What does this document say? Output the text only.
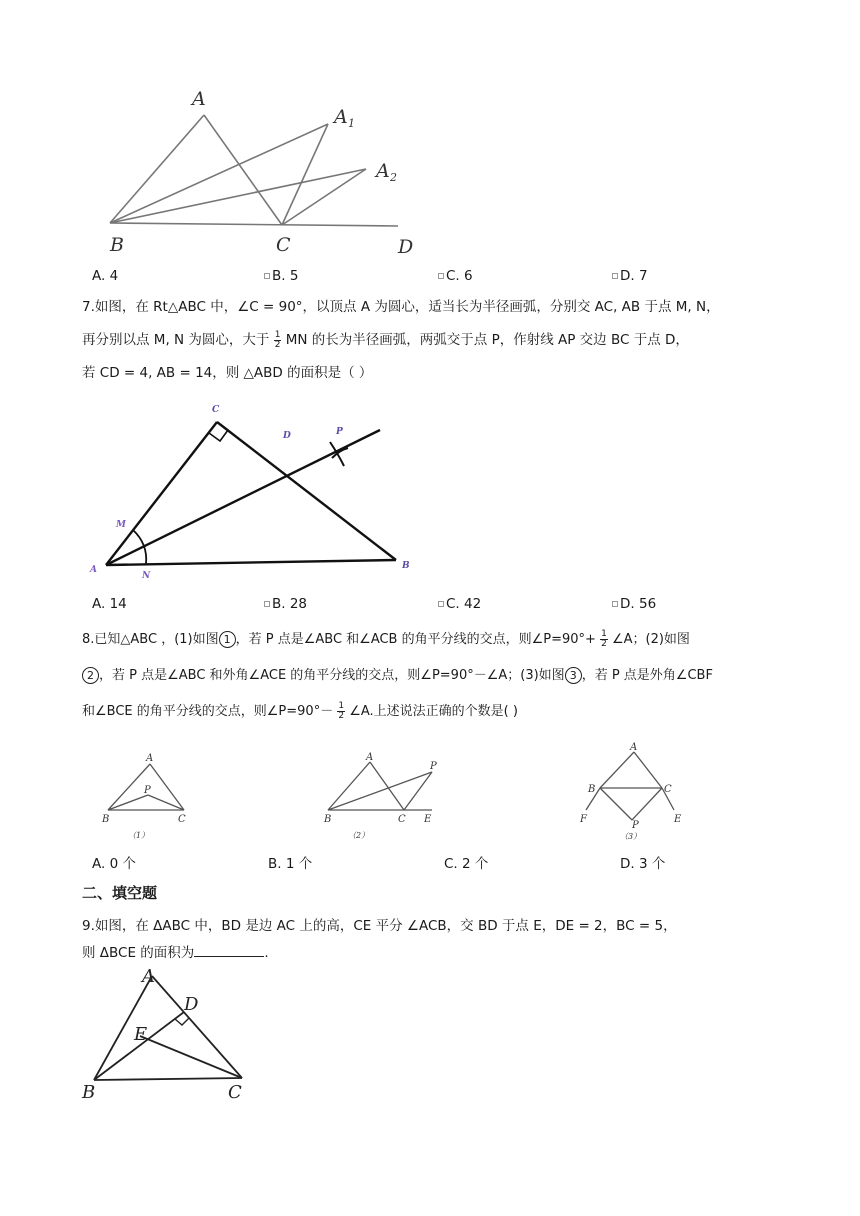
A
A 1
A 2
B	C	D
A. 4	B. 5	C. 6	D. 7
7.如图，在 Rt△ABC 中，∠C = 90°，以顶点 A 为圆心，适当长为半径画弧，分别交 AC, AB 于点 M, N，
再分别以点 M, N 为圆心，大于 $\frac{1}{2}$ MN 的长为半径画弧，两弧交于点 P，作射线 AP 交边 BC 于点 D，
若 CD = 4, AB = 14，则 △ABD 的面积是（ ）
C
P
D
M
A
N
B
A. 14	B. 28	C. 42	D. 56
8.已知△ABC ，(1)如图 1 ，若 P 点是∠ABC 和∠ACB 的角平分线的交点，则∠P=90°+ $\frac{1}{2}$ ∠A；(2)如图
2 ，若 P 点是∠ABC 和外角∠ACE 的角平分线的交点，则∠P=90°－∠A；(3)如图 3 ，若 P 点是外角∠CBF
和∠BCE 的角平分线的交点，则∠P=90°－ $\frac{1}{2}$ ∠A.上述说法正确的个数是( )
A
P
B	C
（1）
A
P
B	C E
（2）
A
B	C
F	E
P
（3）
A. 0 个	B. 1 个	C. 2 个	D. 3 个
二、填空题
9.如图，在 ΔABC 中，BD 是边 AC 上的高，CE 平分 ∠ACB，交 BD 于点 E，DE = 2，BC = 5，
则 ΔBCE 的面积为	.
A
D
E
B	C
